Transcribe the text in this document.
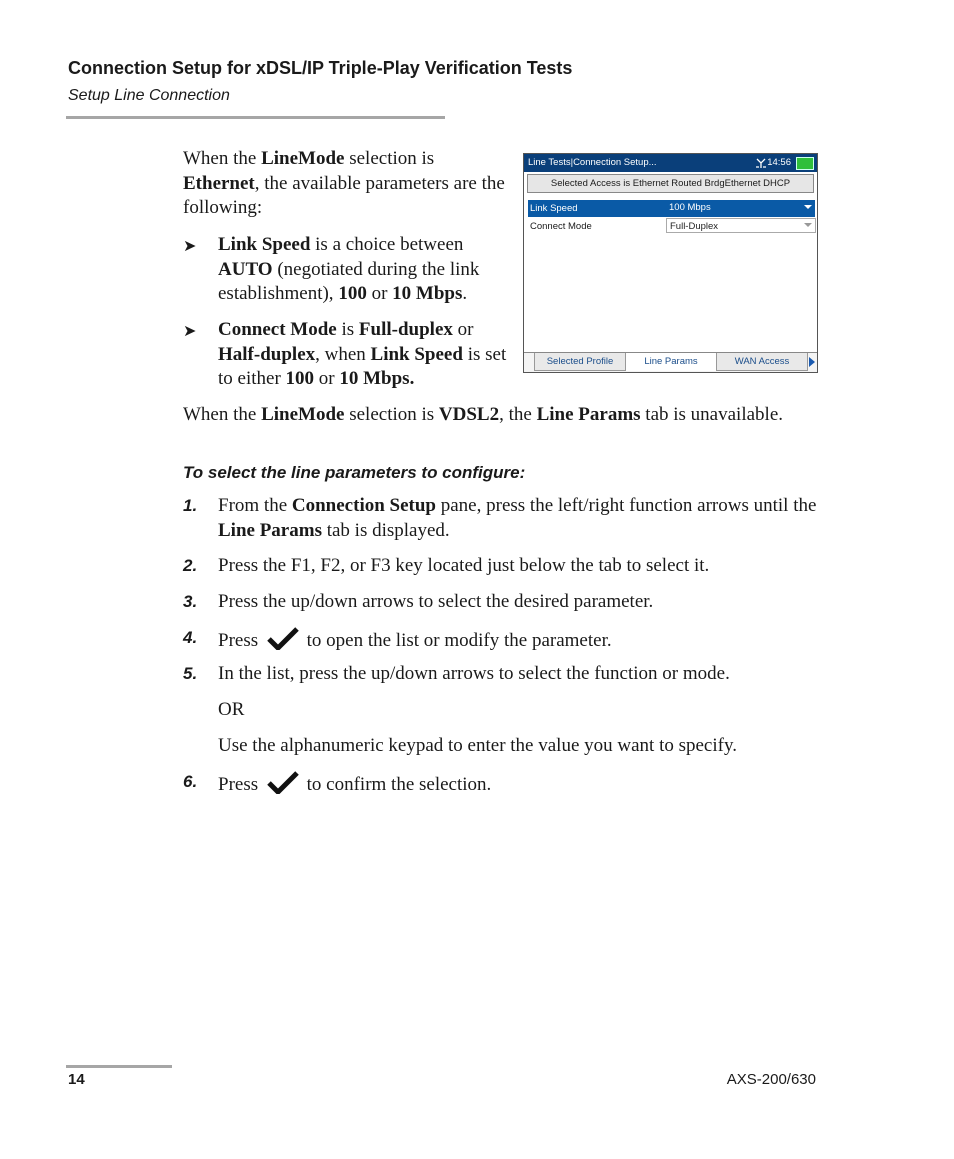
Connection Setup for xDSL/IP Triple-Play Verification Tests
Setup Line Connection
When the LineMode selection is Ethernet, the available parameters are the following:
➤ Link Speed is a choice between AUTO (negotiated during the link establishment), 100 or 10 Mbps.
➤ Connect Mode is Full-duplex or Half-duplex, when Link Speed is set to either 100 or 10 Mbps.
Line Tests|Connection Setup...	14:56
Selected Access is Ethernet Routed BrdgEthernet DHCP
Link Speed	100 Mbps
Connect Mode	Full-Duplex
Selected Profile	Line Params	WAN Access
When the LineMode selection is VDSL2, the Line Params tab is unavailable.
To select the line parameters to configure:
1. From the Connection Setup pane, press the left/right function arrows until the Line Params tab is displayed.
2. Press the F1, F2, or F3 key located just below the tab to select it.
3. Press the up/down arrows to select the desired parameter.
4. Press	to open the list or modify the parameter.
5. In the list, press the up/down arrows to select the function or mode.
OR
Use the alphanumeric keypad to enter the value you want to specify.
6. Press	to confirm the selection.
14	AXS-200/630
